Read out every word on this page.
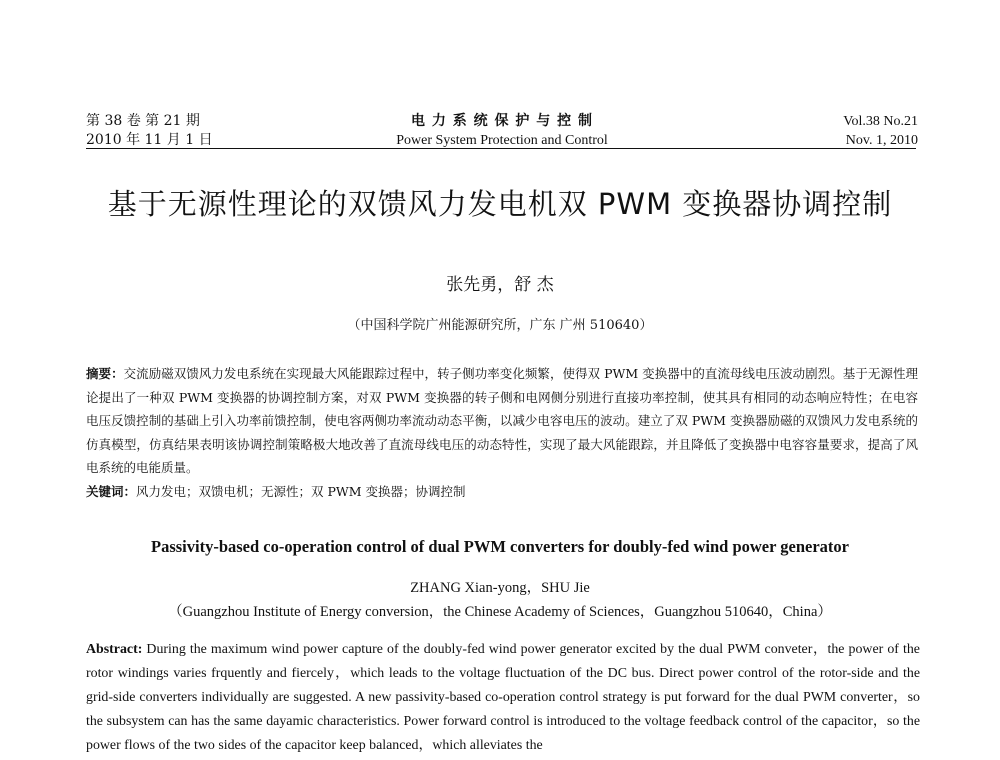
第 38 卷 第 21 期
2010 年 11 月 1 日
电 力 系 统 保 护 与 控 制
Power System Protection and Control
Vol.38 No.21
Nov. 1, 2010
基于无源性理论的双馈风力发电机双 PWM 变换器协调控制
张先勇，舒 杰
（中国科学院广州能源研究所，广东 广州 510640）
摘要：交流励磁双馈风力发电系统在实现最大风能跟踪过程中，转子侧功率变化频繁，使得双 PWM 变换器中的直流母线电压波动剧烈。基于无源性理论提出了一种双 PWM 变换器的协调控制方案，对双 PWM 变换器的转子侧和电网侧分别进行直接功率控制，使其具有相同的动态响应特性；在电容电压反馈控制的基础上引入功率前馈控制，使电容两侧功率流动动态平衡，以减少电容电压的波动。建立了双 PWM 变换器励磁的双馈风力发电系统的仿真模型，仿真结果表明该协调控制策略极大地改善了直流母线电压的动态特性，实现了最大风能跟踪，并且降低了变换器中电容容量要求，提高了风电系统的电能质量。
关键词：风力发电；双馈电机；无源性；双 PWM 变换器；协调控制
Passivity-based co-operation control of dual PWM converters for doubly-fed wind power generator
ZHANG Xian-yong，SHU Jie
（Guangzhou Institute of Energy conversion，the Chinese Academy of Sciences，Guangzhou 510640，China）
Abstract: During the maximum wind power capture of the doubly-fed wind power generator excited by the dual PWM conveter，the power of the rotor windings varies frquently and fiercely，which leads to the voltage fluctuation of the DC bus. Direct power control of the rotor-side and the grid-side converters individually are suggested. A new passivity-based co-operation control strategy is put forward for the dual PWM converter，so the subsystem can has the same dayamic characteristics. Power forward control is introduced to the voltage feedback control of the capacitor，so the power flows of the two sides of the capacitor keep balanced，which alleviates the
